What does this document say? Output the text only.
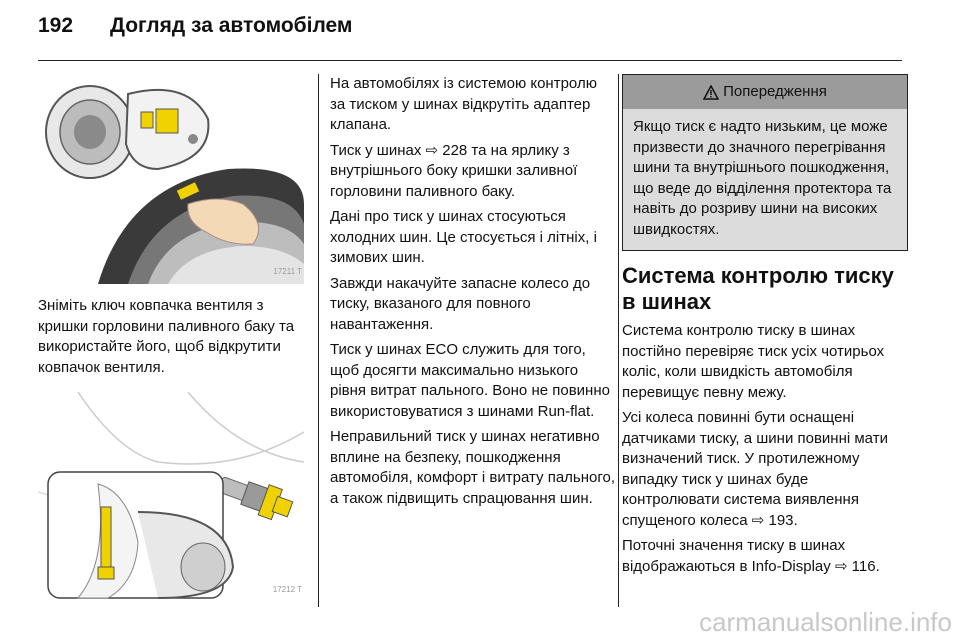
192	Догляд за автомобілем
17211 T

Зніміть ключ ковпачка вентиля з кришки горловини паливного баку та використайте його, щоб відкрутити ковпачок вентиля.

17212 T

На автомобілях із системою контролю за тиском у шинах відкрутіть адаптер клапана.

Тиск у шинах ⇨ 228 та на ярлику з внутрішнього боку кришки заливної горловини паливного баку.

Дані про тиск у шинах стосуються холодних шин. Це стосується і літніх, і зимових шин.

Завжди накачуйте запасне колесо до тиску, вказаного для повного навантаження.

Тиск у шинах ECO служить для того, щоб досягти максимально низького рівня витрат пального. Воно не повинно використовуватися з шинами Run-flat.

Неправильний тиск у шинах негативно вплине на безпеку, пошкодження автомобіля, комфорт і витрату пального, а також підвищить спрацювання шин.

Попередження
Якщо тиск є надто низьким, це може призвести до значного перегрівання шини та внутрішнього пошкодження, що веде до відділення протектора та навіть до розриву шини на високих швидкостях.
Система контролю тиску в шинах

Система контролю тиску в шинах постійно перевіряє тиск усіх чотирьох коліс, коли швидкість автомобіля перевищує певну межу.

Усі колеса повинні бути оснащені датчиками тиску, а шини повинні мати визначений тиск. У протилежному випадку тиск у шинах буде контролювати система виявлення спущеного колеса ⇨ 193.

Поточні значення тиску в шинах відображаються в Info-Display ⇨ 116.

carmanualsonline.info
